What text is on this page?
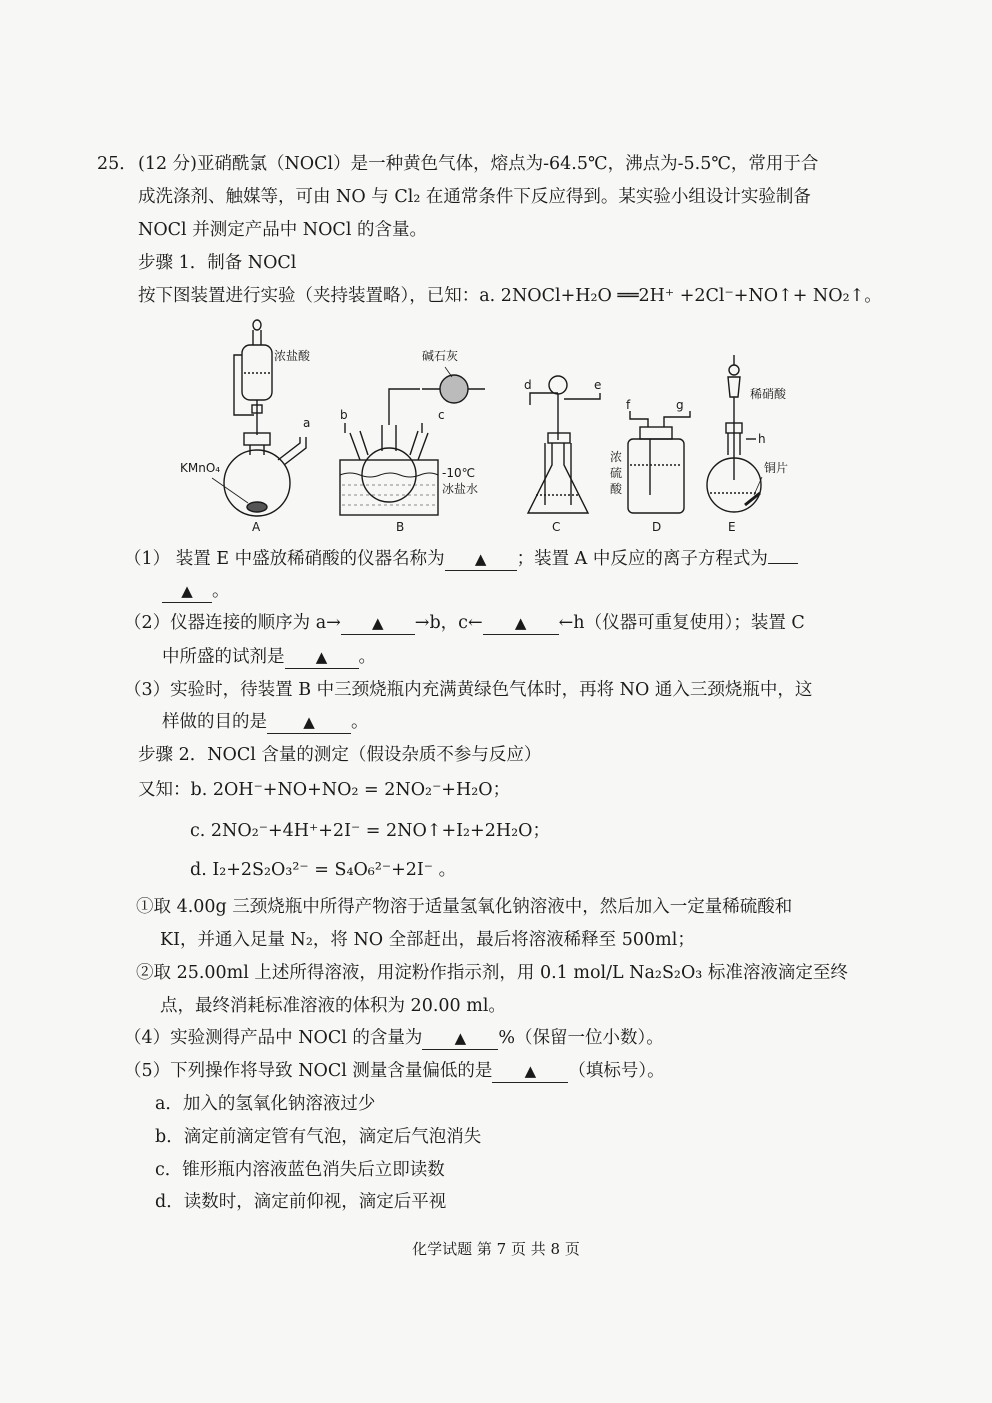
25． (12 分)亚硝酰氯（NOCl）是一种黄色气体，熔点为-64.5℃，沸点为-5.5℃，常用于合
成洗涤剂、触媒等，可由 NO 与 Cl₂ 在通常条件下反应得到。某实验小组设计实验制备
NOCl 并测定产品中 NOCl 的含量。
步骤 1．制备 NOCl
按下图装置进行实验（夹持装置略），已知：a. 2NOCl+H₂O ══2H⁺ +2Cl⁻+NO↑+ NO₂↑。
a
浓盐酸
KMnO₄
A
碱石灰
b	c
-10℃
冰盐水
B
d	e
C
f	g
浓
硫
酸
D
h
稀硝酸
铜片
E
（1） 装置 E 中盛放稀硝酸的仪器名称为 ▲ ；装置 A 中反应的离子方程式为
▲ 。
（2）仪器连接的顺序为 a→ ▲ →b，c← ▲ ←h（仪器可重复使用）；装置 C
中所盛的试剂是 ▲ 。
（3）实验时，待装置 B 中三颈烧瓶内充满黄绿色气体时，再将 NO 通入三颈烧瓶中，这
样做的目的是 ▲ 。
步骤 2．NOCl 含量的测定（假设杂质不参与反应）
又知：b. 2OH⁻+NO+NO₂ = 2NO₂⁻+H₂O；
c. 2NO₂⁻+4H⁺+2I⁻ = 2NO↑+I₂+2H₂O；
d. I₂+2S₂O₃²⁻ = S₄O₆²⁻+2I⁻ 。
①取 4.00g 三颈烧瓶中所得产物溶于适量氢氧化钠溶液中，然后加入一定量稀硫酸和
KI，并通入足量 N₂，将 NO 全部赶出，最后将溶液稀释至 500ml；
②取 25.00ml 上述所得溶液，用淀粉作指示剂，用 0.1 mol/L Na₂S₂O₃ 标准溶液滴定至终
点，最终消耗标准溶液的体积为 20.00 ml。
（4）实验测得产品中 NOCl 的含量为 ▲ %（保留一位小数）。
（5）下列操作将导致 NOCl 测量含量偏低的是 ▲ （填标号）。
a．加入的氢氧化钠溶液过少
b．滴定前滴定管有气泡，滴定后气泡消失
c．锥形瓶内溶液蓝色消失后立即读数
d．读数时，滴定前仰视，滴定后平视
化学试题 第 7 页 共 8 页
